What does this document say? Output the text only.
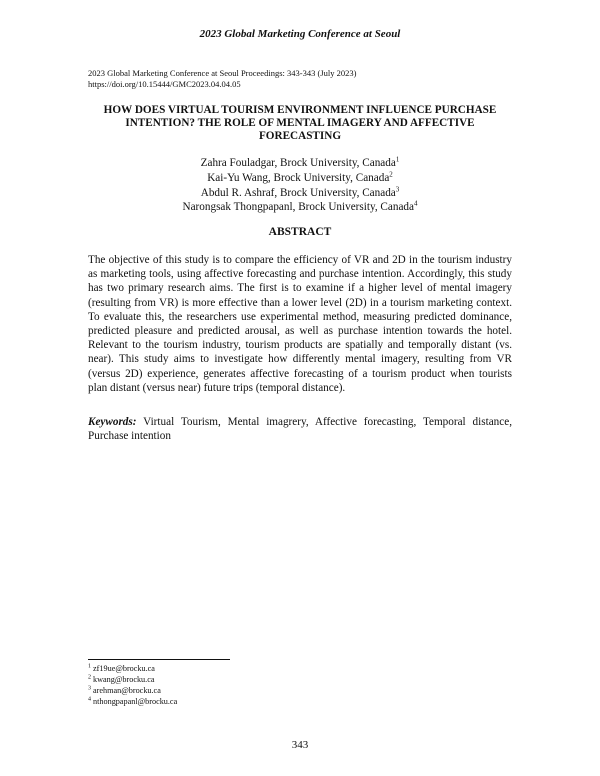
2023 Global Marketing Conference at Seoul
2023 Global Marketing Conference at Seoul Proceedings: 343-343 (July 2023)
https://doi.org/10.15444/GMC2023.04.04.05
HOW DOES VIRTUAL TOURISM ENVIRONMENT INFLUENCE PURCHASE INTENTION? THE ROLE OF MENTAL IMAGERY AND AFFECTIVE FORECASTING
Zahra Fouladgar, Brock University, Canada$^1$
Kai-Yu Wang, Brock University, Canada$^2$
Abdul R. Ashraf, Brock University, Canada$^3$
Narongsak Thongpapanl, Brock University, Canada$^4$
ABSTRACT

The objective of this study is to compare the efficiency of VR and 2D in the tourism industry as marketing tools, using affective forecasting and purchase intention. Accordingly, this study has two primary research aims. The first is to examine if a higher level of mental imagery (resulting from VR) is more effective than a lower level (2D) in a tourism marketing context. To evaluate this, the researchers use experimental method, measuring predicted dominance, predicted pleasure and predicted arousal, as well as purchase intention towards the hotel. Relevant to the tourism industry, tourism products are spatially and temporally distant (vs. near). This study aims to investigate how differently mental imagery, resulting from VR (versus 2D) experience, generates affective forecasting of a tourism product when tourists plan distant (versus near) future trips (temporal distance).

Keywords: Virtual Tourism, Mental imagrery, Affective forecasting, Temporal distance, Purchase intention

$^1$ zf19ue@brocku.ca
$^2$ kwang@brocku.ca
$^3$ arehman@brocku.ca
$^4$ nthongpapanl@brocku.ca
343
